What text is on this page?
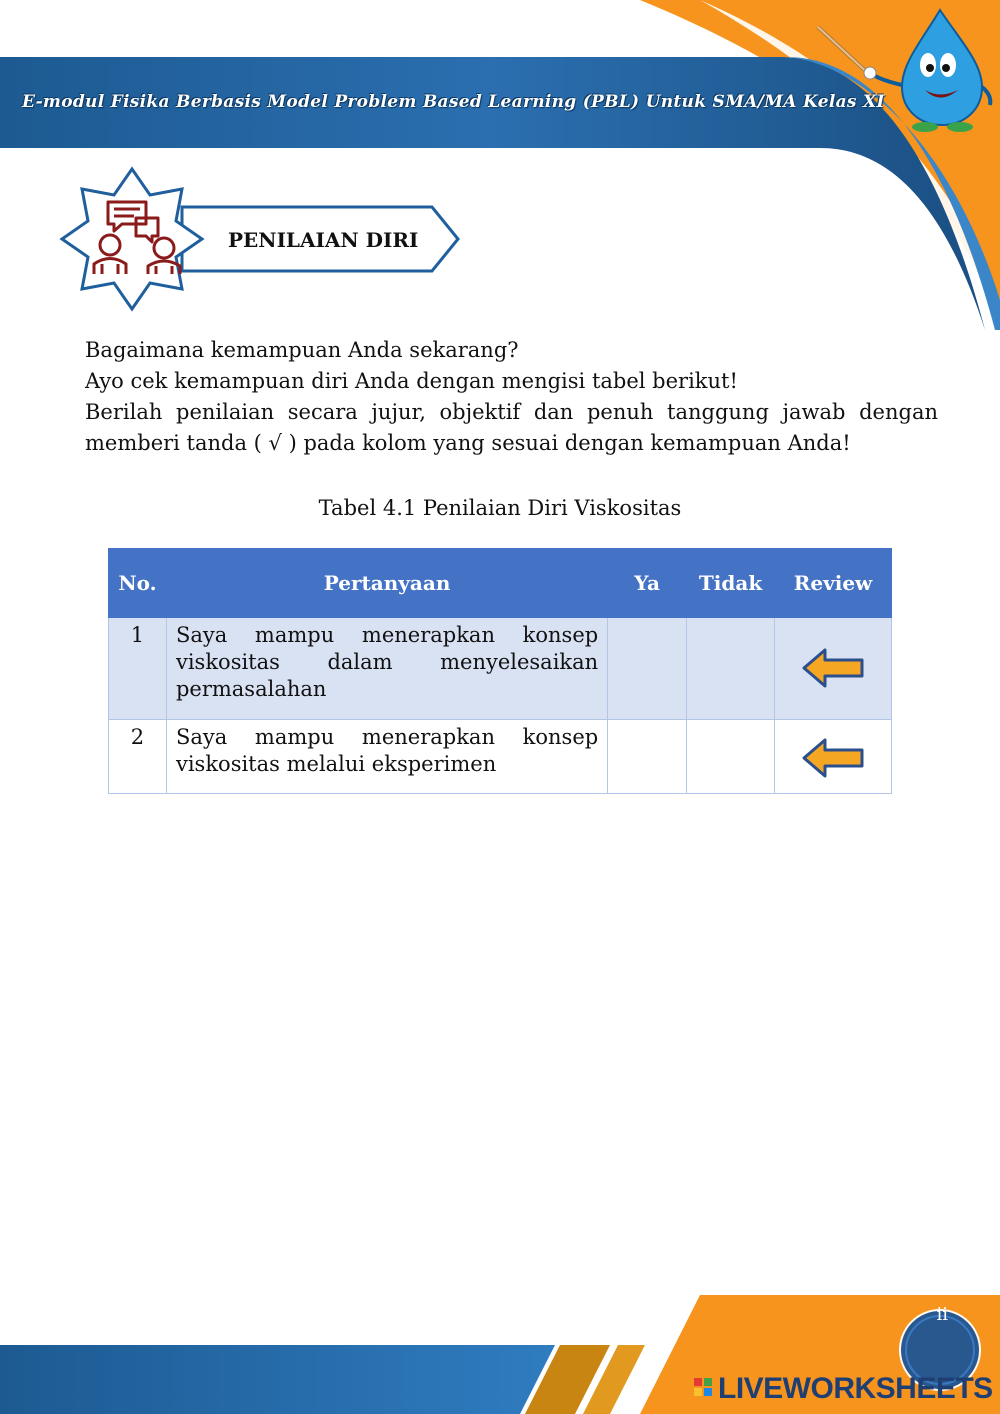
E-modul Fisika Berbasis Model Problem Based Learning (PBL) Untuk SMA/MA Kelas XI
PENILAIAN DIRI

Bagaimana kemampuan Anda sekarang?

Ayo cek kemampuan diri Anda dengan mengisi tabel berikut!

Berilah penilaian secara jujur, objektif dan penuh tanggung jawab dengan memberi tanda ( √ ) pada kolom yang sesuai dengan kemampuan Anda!

Tabel 4.1 Penilaian Diri Viskositas
No.	Pertanyaan	Ya	Tidak	Review
1	Saya mampu menerapkan konsep viskositas dalam menyelesaikan permasalahan			
2	Saya mampu menerapkan konsep viskositas melalui eksperimen			
ii
LIVEWORKSHEETS
